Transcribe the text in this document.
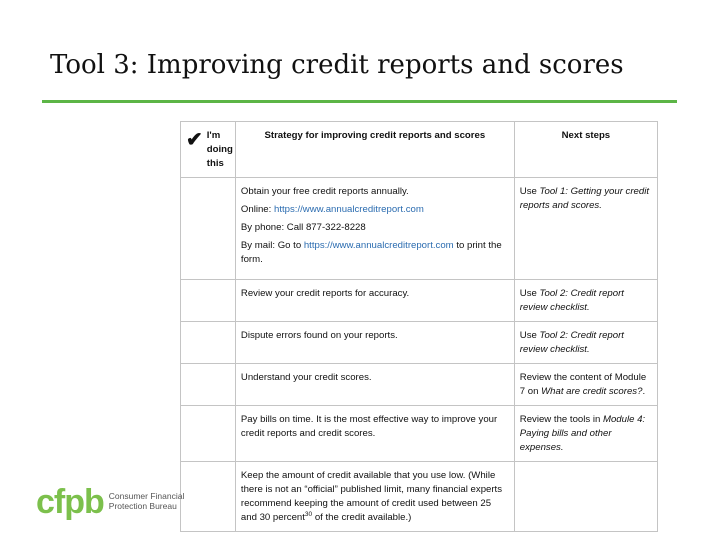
Tool 3: Improving credit reports and scores
✔ I'm
doing
this	Strategy for improving credit reports and scores	Next steps

	Obtain your free credit reports annually.
Online: https://www.annualcreditreport.com
By phone: Call 877-322-8228
By mail: Go to https://www.annualcreditreport.com to print the form.	Use Tool 1: Getting your credit reports and scores.
	Review your credit reports for accuracy.	Use Tool 2: Credit report review checklist.
	Dispute errors found on your reports.	Use Tool 2: Credit report review checklist.
	Understand your credit scores.	Review the content of Module 7 on What are credit scores?.
	Pay bills on time. It is the most effective way to improve your credit reports and credit scores.	Review the tools in Module 4: Paying bills and other expenses.
	Keep the amount of credit available that you use low. (While there is not an “official” published limit, many financial experts recommend keeping the amount of credit used between 25 and 30 percent$^{30}$ of the credit available.)	
cfpb Consumer Financial
Protection Bureau
